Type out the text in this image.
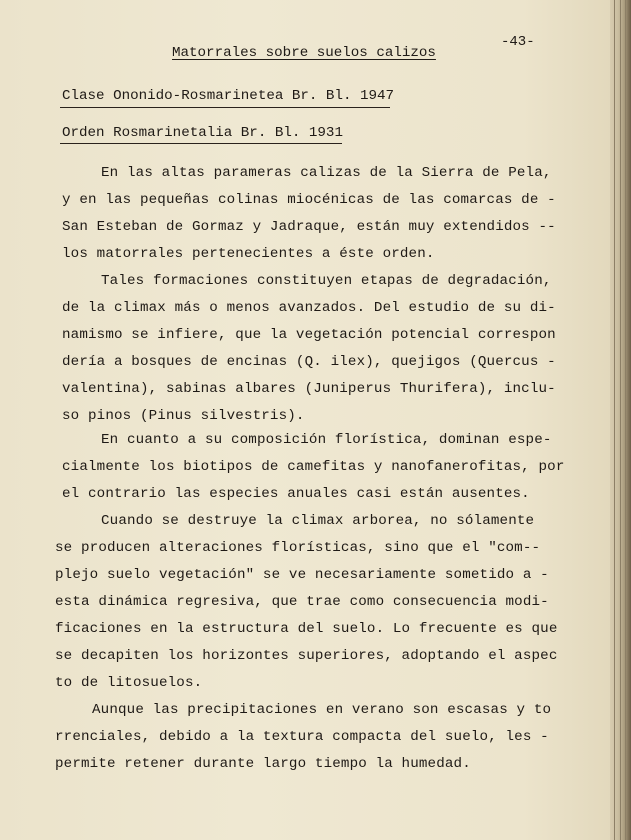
-43-
Matorrales sobre suelos calizos
Clase Ononido-Rosmarinetea Br. Bl. 1947
Orden Rosmarinetalia Br. Bl. 1931
En las altas parameras calizas de la Sierra de Pela,
y en las pequeñas colinas miocénicas de las comarcas de -
San Esteban de Gormaz y Jadraque, están muy extendidos --
los matorrales pertenecientes a éste orden.
Tales formaciones constituyen etapas de degradación,
de la climax más o menos avanzados. Del estudio de su di-
namismo se infiere, que la vegetación potencial correspon
dería a bosques de encinas (Q. ilex), quejigos (Quercus -
valentina), sabinas albares (Juniperus Thurifera), inclu-
so pinos (Pinus silvestris).
En cuanto a su composición florística, dominan espe-
cialmente los biotipos de camefitas y nanofanerofitas, por
el contrario las especies anuales casi están ausentes.
Cuando se destruye la climax arborea, no sólamente
se producen alteraciones florísticas, sino que el "com--
plejo suelo vegetación" se ve necesariamente sometido a -
esta dinámica regresiva, que trae como consecuencia modi-
ficaciones en la estructura del suelo. Lo frecuente es que
se decapiten los horizontes superiores, adoptando el aspec
to de litosuelos.
Aunque las precipitaciones en verano son escasas y to
rrenciales, debido a la textura compacta del suelo, les -
permite retener durante largo tiempo la humedad.
